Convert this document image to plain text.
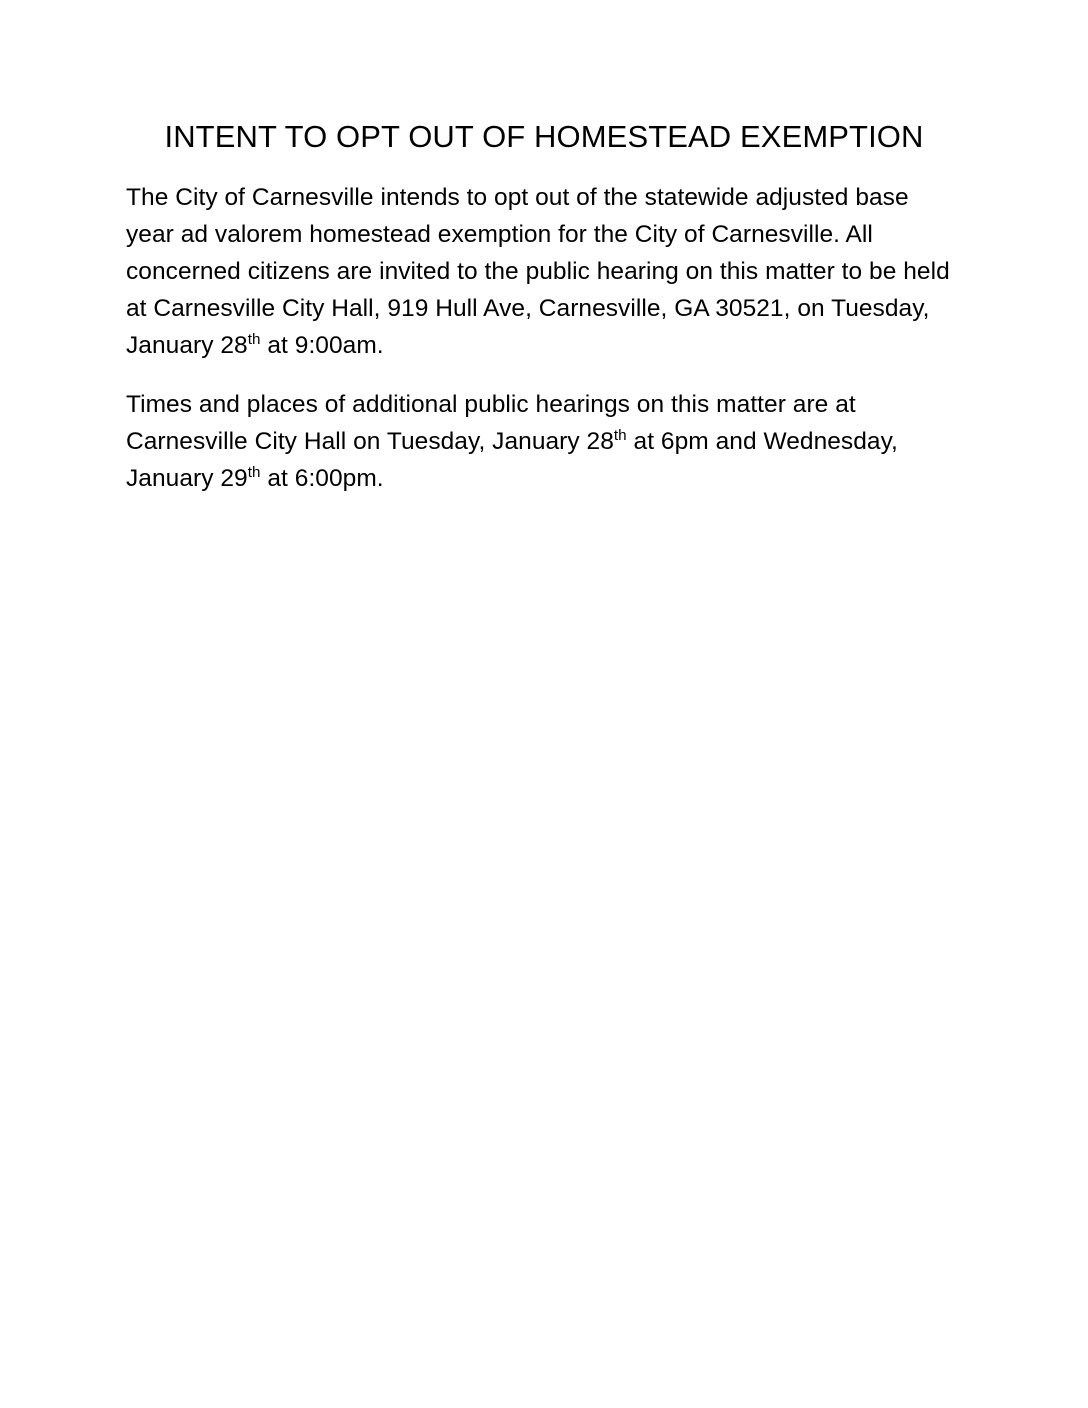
INTENT TO OPT OUT OF HOMESTEAD EXEMPTION

The City of Carnesville intends to opt out of the statewide adjusted base year ad valorem homestead exemption for the City of Carnesville. All concerned citizens are invited to the public hearing on this matter to be held at Carnesville City Hall, 919 Hull Ave, Carnesville, GA 30521, on Tuesday, January 28th at 9:00am.

Times and places of additional public hearings on this matter are at Carnesville City Hall on Tuesday, January 28th at 6pm and Wednesday, January 29th at 6:00pm.
